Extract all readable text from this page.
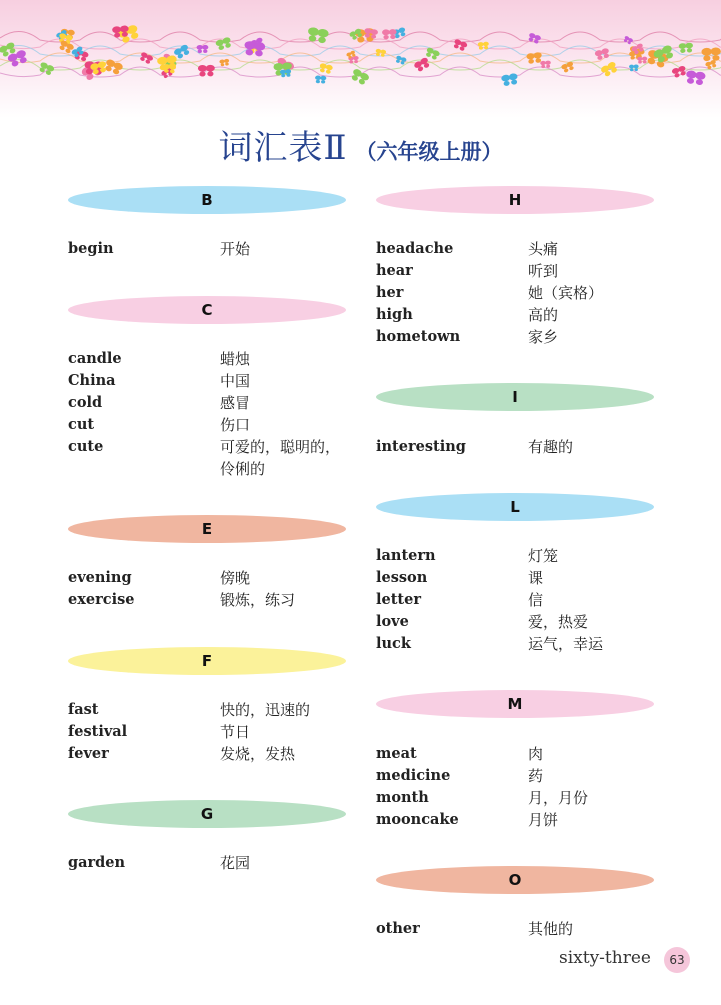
词汇表Ⅱ （六年级上册）
B
begin	开始
C
candle	蜡烛
China	中国
cold	感冒
cut	伤口
cute	可爱的，聪明的，
伶俐的
E
evening	傍晚
exercise	锻炼，练习
F
fast	快的，迅速的
festival	节日
fever	发烧，发热
G
garden	花园
H
headache	头痛
hear	听到
her	她（宾格）
high	高的
hometown	家乡
I
interesting	有趣的
L
lantern	灯笼
lesson	课
letter	信
love	爱，热爱
luck	运气，幸运
M
meat	肉
medicine	药
month	月，月份
mooncake	月饼
O
other	其他的
sixty-three	63
